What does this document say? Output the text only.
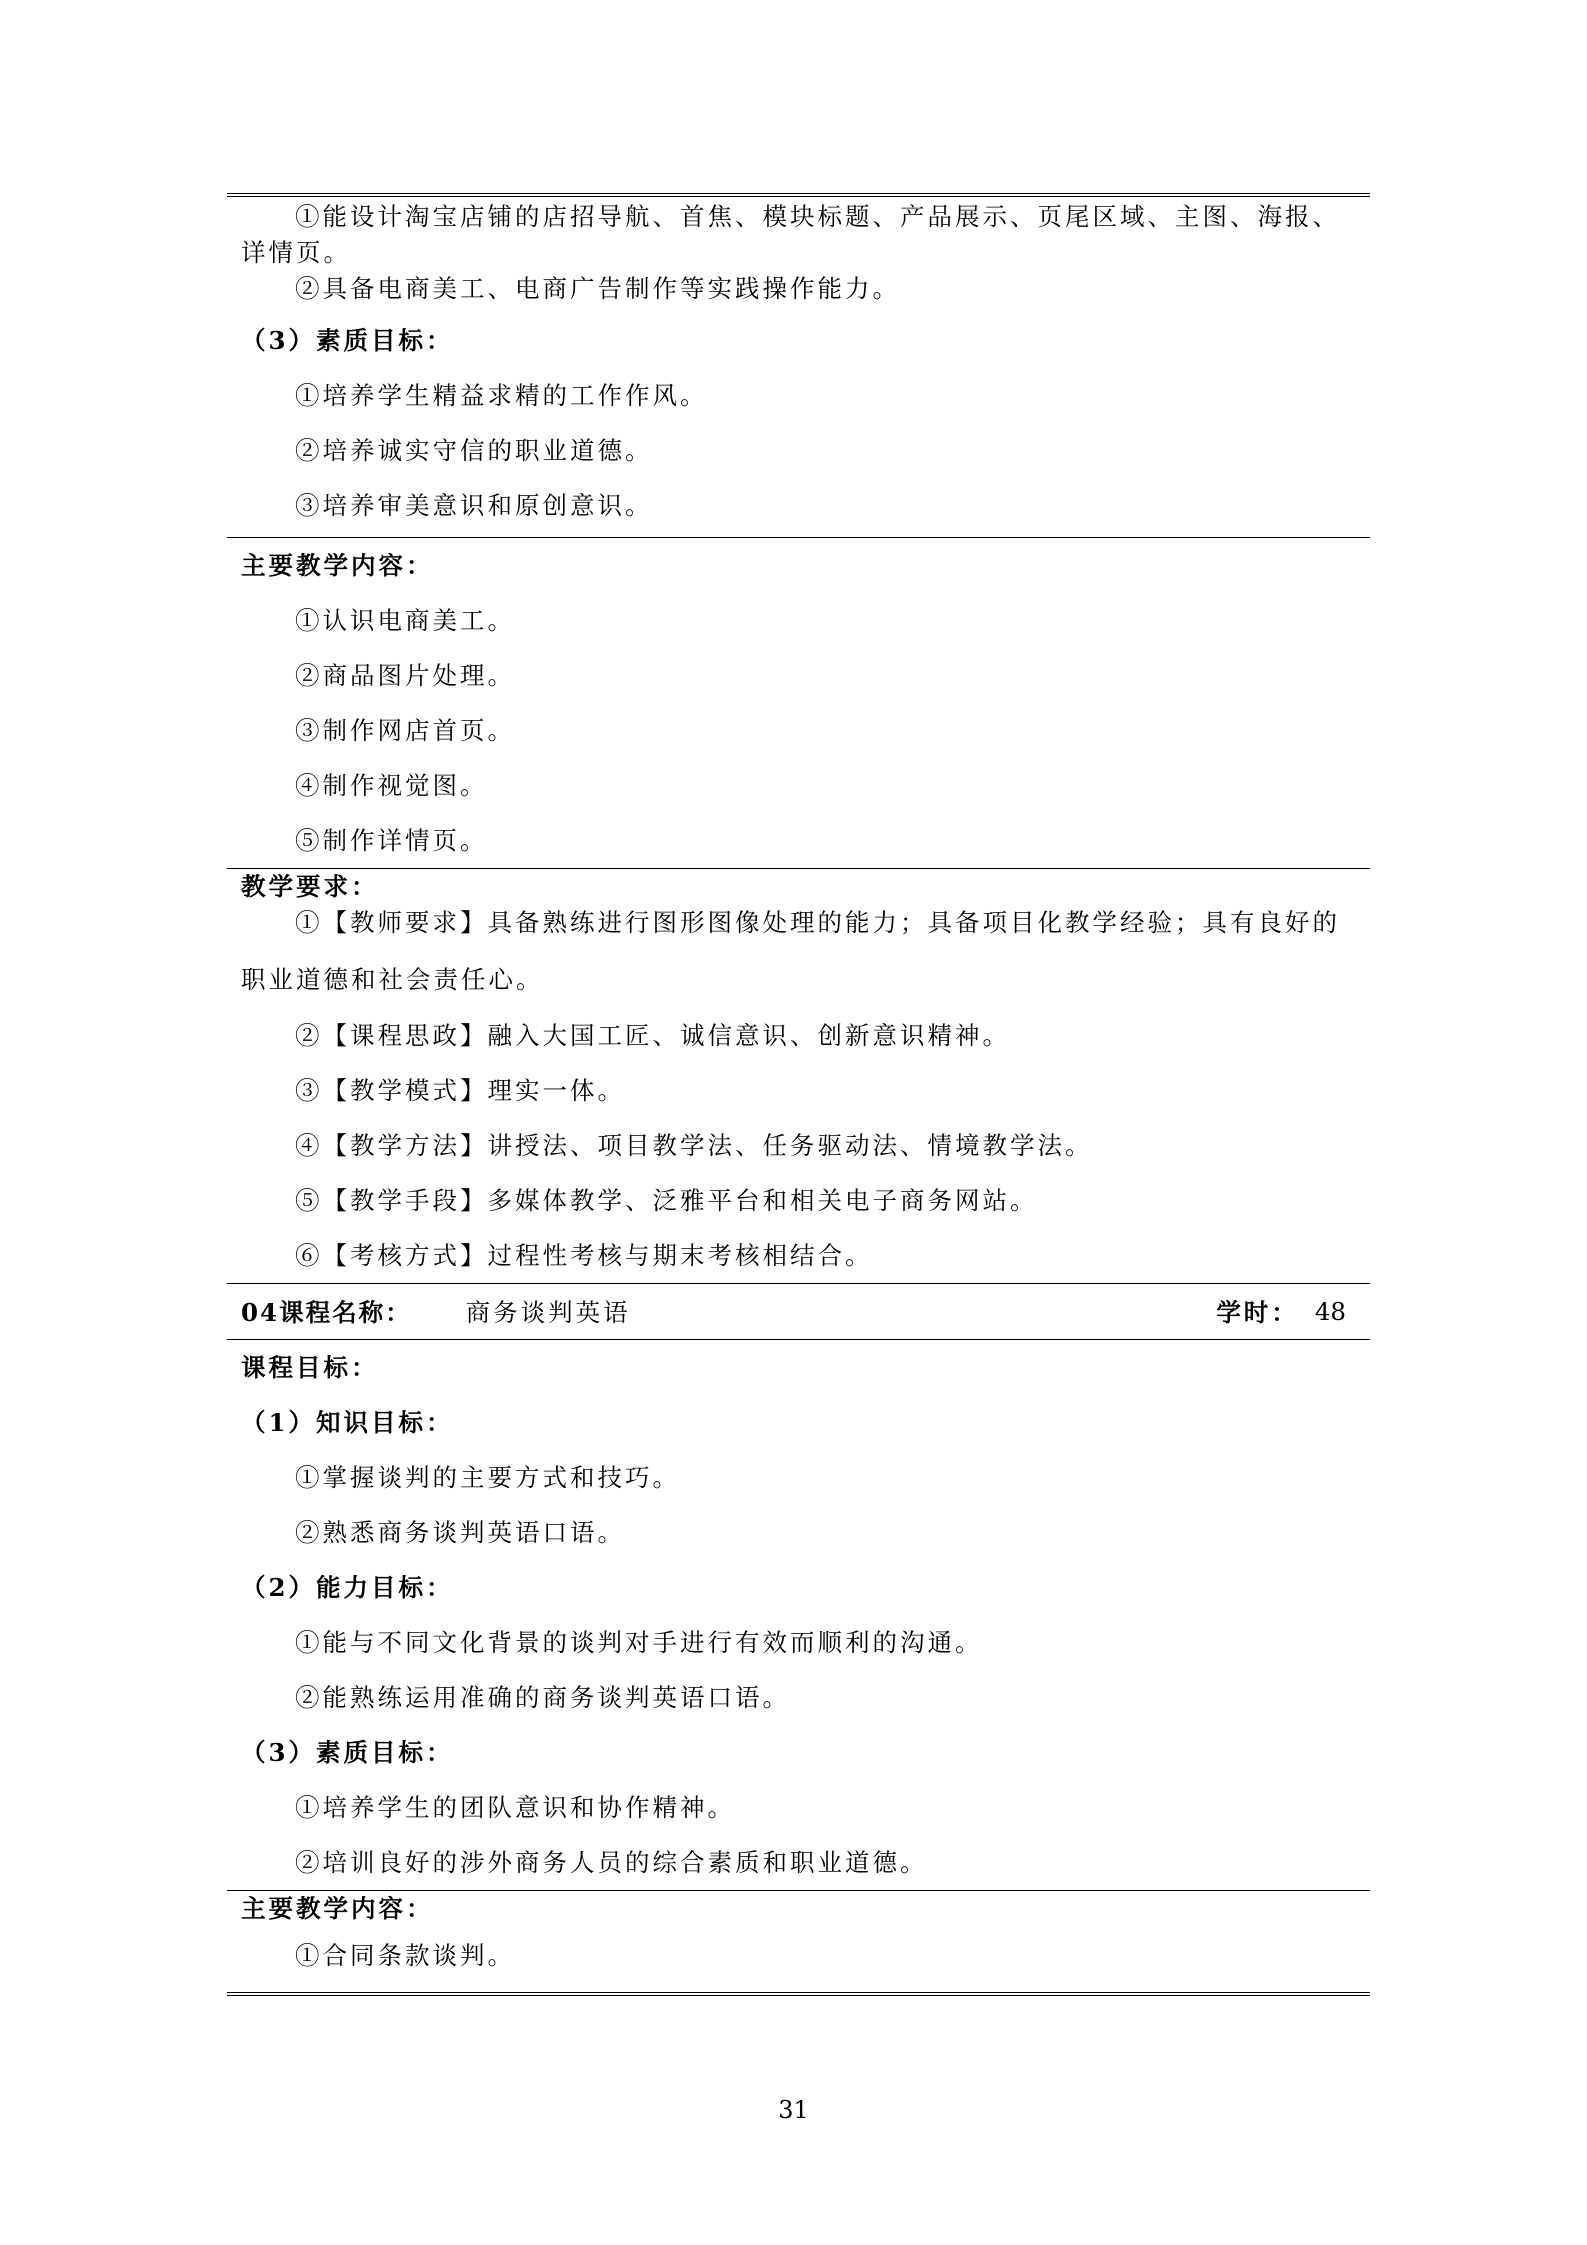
①能设计淘宝店铺的店招导航、首焦、模块标题、产品展示、页尾区域、主图、海报、
详情页。
②具备电商美工、电商广告制作等实践操作能力。
（3）素质目标：
①培养学生精益求精的工作作风。
②培养诚实守信的职业道德。
③培养审美意识和原创意识。
主要教学内容：
①认识电商美工。
②商品图片处理。
③制作网店首页。
④制作视觉图。
⑤制作详情页。
教学要求：
①【教师要求】具备熟练进行图形图像处理的能力；具备项目化教学经验；具有良好的
职业道德和社会责任心。
②【课程思政】融入大国工匠、诚信意识、创新意识精神。
③【教学模式】理实一体。
④【教学方法】讲授法、项目教学法、任务驱动法、情境教学法。
⑤【教学手段】多媒体教学、泛雅平台和相关电子商务网站。
⑥【考核方式】过程性考核与期末考核相结合。
04课程名称： 商务谈判英语	学时： 48
课程目标：
（1）知识目标：
①掌握谈判的主要方式和技巧。
②熟悉商务谈判英语口语。
（2）能力目标：
①能与不同文化背景的谈判对手进行有效而顺利的沟通。
②能熟练运用准确的商务谈判英语口语。
（3）素质目标：
①培养学生的团队意识和协作精神。
②培训良好的涉外商务人员的综合素质和职业道德。
主要教学内容：
①合同条款谈判。
31
